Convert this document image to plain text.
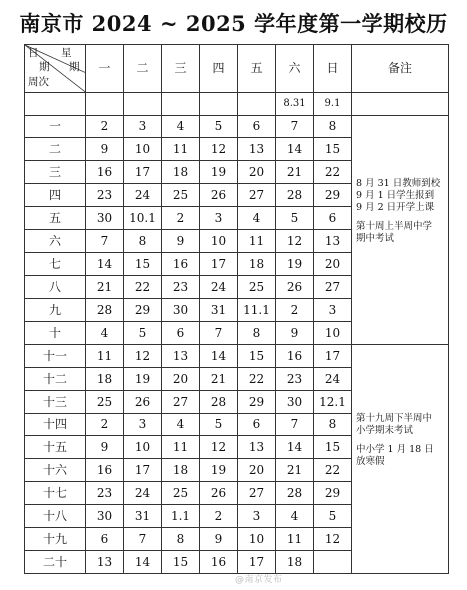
南京市 2024 ~ 2025 学年度第一学期校历
日 星
期 期
周次	一	二	三	四	五	六	日	备注
						8.31	9.1	
一	2	3	4	5	6	7	8	8 月 31 日教师到校
9 月 1 日学生报到
9 月 2 日开学上课
第十周上半周中学
期中考试

二	9	10	11	12	13	14	15	
三	16	17	18	19	20	21	22	
四	23	24	25	26	27	28	29	
五	30	10.1	2	3	4	5	6	
六	7	8	9	10	11	12	13	
七	14	15	16	17	18	19	20	
八	21	22	23	24	25	26	27	
九	28	29	30	31	11.1	2	3	
十	4	5	6	7	8	9	10	
十一	11	12	13	14	15	16	17	第十九周下半周中
小学期末考试
中小学 1 月 18 日
放寒假

十二	18	19	20	21	22	23	24	
十三	25	26	27	28	29	30	12.1	
十四	2	3	4	5	6	7	8	
十五	9	10	11	12	13	14	15	
十六	16	17	18	19	20	21	22	
十七	23	24	25	26	27	28	29	
十八	30	31	1.1	2	3	4	5	
十九	6	7	8	9	10	11	12	
二十	13	14	15	16	17	18		
@南京发布
